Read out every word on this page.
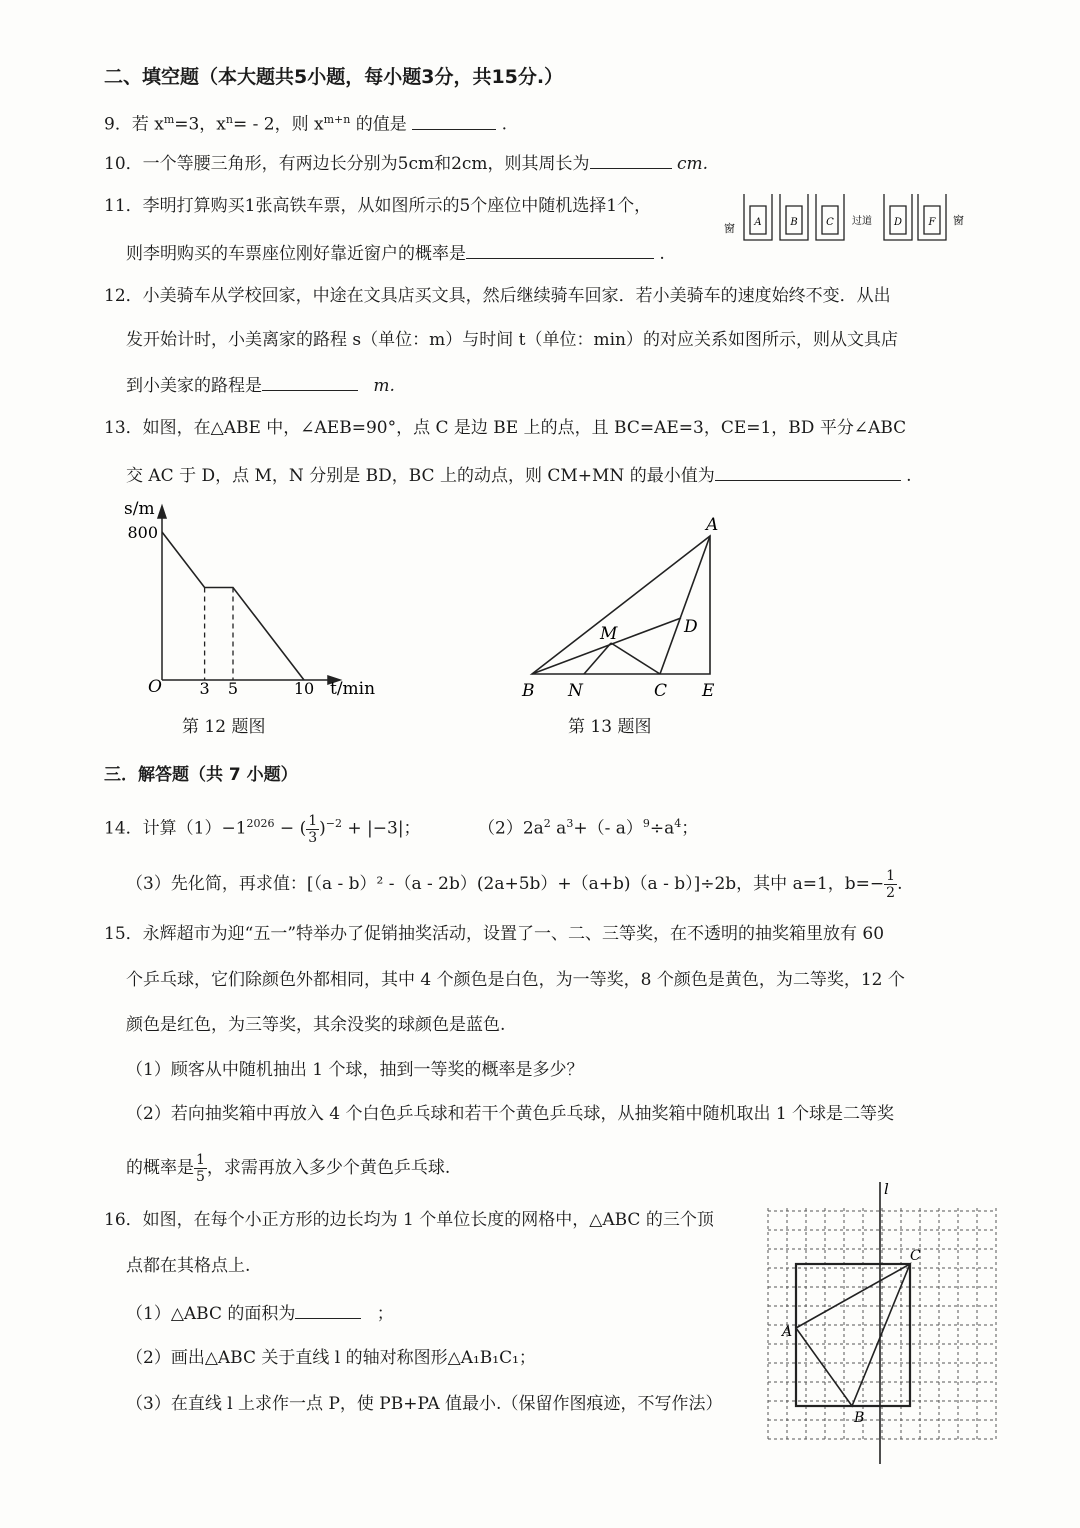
二、填空题（本大题共5小题，每小题3分，共15分.）
9．若 $x^m=3$，$x^n= - 2$，则 $x^{m+n}$ 的值是	.
10．一个等腰三角形，有两边长分别为5cm和2cm，则其周长为	cm.
11．李明打算购买1张高铁车票，从如图所示的5个座位中随机选择1个，
则李明购买的车票座位刚好靠近窗户的概率是	.
窗 A	B	C	D	F
过道	窗
12．小美骑车从学校回家，中途在文具店买文具，然后继续骑车回家．若小美骑车的速度始终不变．从出
发开始计时，小美离家的路程 s（单位：m）与时间 t（单位：min）的对应关系如图所示，则从文具店
到小美家的路程是	m.
13．如图，在△ABE 中，∠AEB=90°，点 C 是边 BE 上的点，且 BC=AE=3，CE=1，BD 平分∠ABC
交 AC 于 D，点 M，N 分别是 BD，BC 上的动点，则 CM+MN 的最小值为	.
s/m
t/min
O
800
3 5	10
第 12 题图
A
B N	C E
M	D
第 13 题图
三．解答题（共 7 小题）
14．计算$(1)-1^{2026}$ − ( $\frac{1}{3} )^{-2} + |-3|$；	$(2)2a^2$ $a^3+(-$ $a)^9\div a^4$；
（3）先化简，再求值：[（a - b）² -（a - 2b）(2a+5b）+（a+b)（a - b）]÷2b，其中 a=1，$b=- \frac{1}{2}$ .
15．永辉超市为迎“五一”特举办了促销抽奖活动，设置了一、二、三等奖，在不透明的抽奖箱里放有 60
个乒乓球，它们除颜色外都相同，其中 4 个颜色是白色，为一等奖，8 个颜色是黄色，为二等奖，12 个
颜色是红色，为三等奖，其余没奖的球颜色是蓝色.
（1）顾客从中随机抽出 1 个球，抽到一等奖的概率是多少？
（2）若向抽奖箱中再放入 4 个白色乒乓球和若干个黄色乒乓球，从抽奖箱中随机取出 1 个球是二等奖
的概率是 $\frac{1}{5}$ ，求需再放入多少个黄色乒乓球.
16．如图，在每个小正方形的边长均为 1 个单位长度的网格中，△ABC 的三个顶
点都在其格点上.
（1）△ABC 的面积为	；
（2）画出△ABC 关于直线 l 的轴对称图形△A₁B₁C₁；
（3）在直线 l 上求作一点 P，使 PB+PA 值最小.（保留作图痕迹，不写作法）
l
A
B
C
